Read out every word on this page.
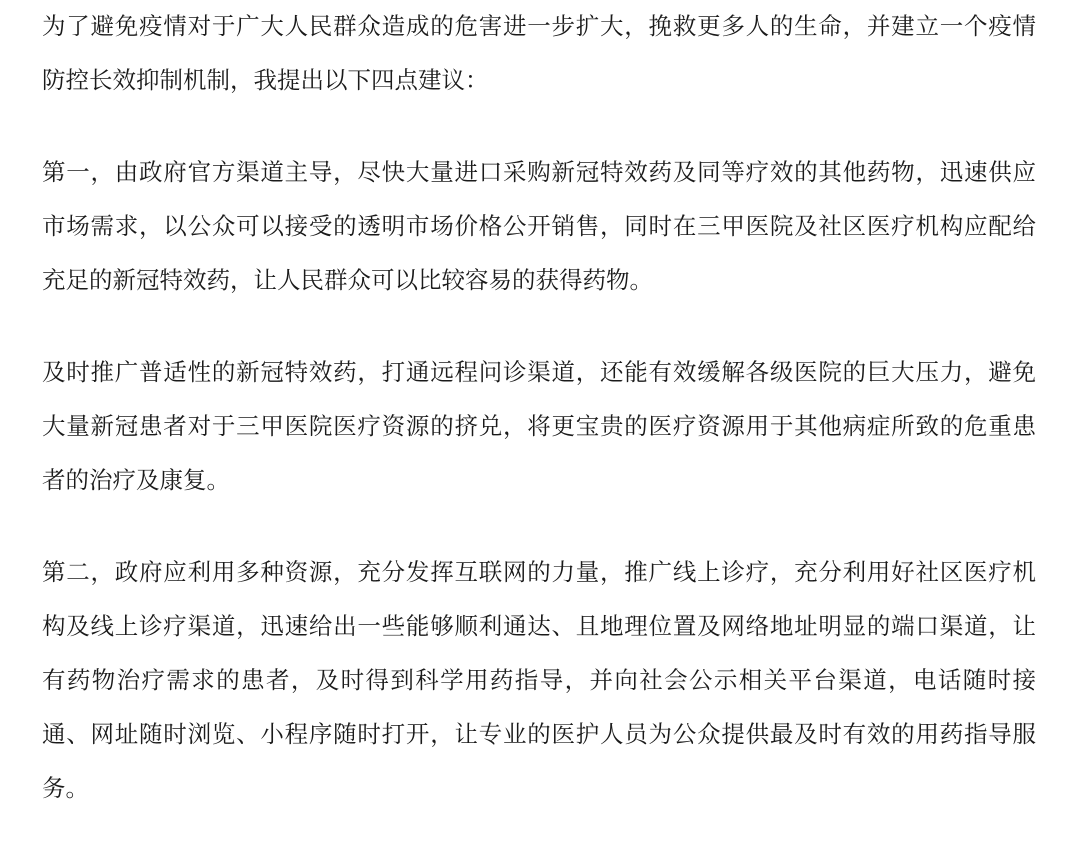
为了避免疫情对于广大人民群众造成的危害进一步扩大，挽救更多人的生命，并建立一个疫情
防控长效抑制机制，我提出以下四点建议：
第一，由政府官方渠道主导，尽快大量进口采购新冠特效药及同等疗效的其他药物，迅速供应
市场需求，以公众可以接受的透明市场价格公开销售，同时在三甲医院及社区医疗机构应配给
充足的新冠特效药，让人民群众可以比较容易的获得药物。
及时推广普适性的新冠特效药，打通远程问诊渠道，还能有效缓解各级医院的巨大压力，避免
大量新冠患者对于三甲医院医疗资源的挤兑，将更宝贵的医疗资源用于其他病症所致的危重患
者的治疗及康复。
第二，政府应利用多种资源，充分发挥互联网的力量，推广线上诊疗，充分利用好社区医疗机
构及线上诊疗渠道，迅速给出一些能够顺利通达、且地理位置及网络地址明显的端口渠道，让
有药物治疗需求的患者，及时得到科学用药指导，并向社会公示相关平台渠道，电话随时接
通、网址随时浏览、小程序随时打开，让专业的医护人员为公众提供最及时有效的用药指导服
务。
